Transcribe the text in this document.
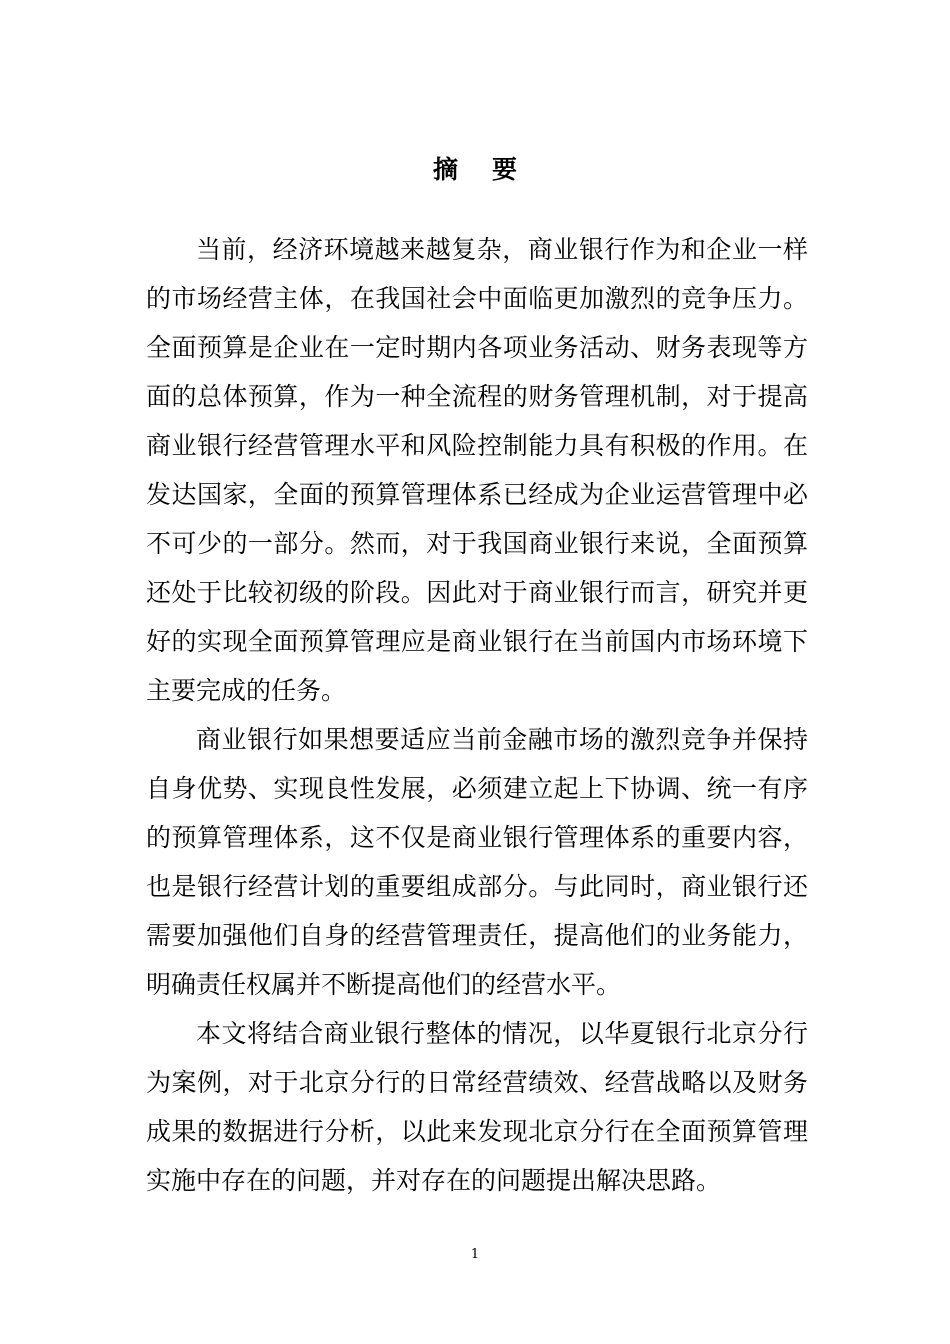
摘要

当前，经济环境越来越复杂，商业银行作为和企业一样的市场经营主体，在我国社会中面临更加激烈的竞争压力。全面预算是企业在一定时期内各项业务活动、财务表现等方面的总体预算，作为一种全流程的财务管理机制，对于提高商业银行经营管理水平和风险控制能力具有积极的作用。在发达国家，全面的预算管理体系已经成为企业运营管理中必不可少的一部分。然而，对于我国商业银行来说，全面预算还处于比较初级的阶段。因此对于商业银行而言，研究并更好的实现全面预算管理应是商业银行在当前国内市场环境下主要完成的任务。

商业银行如果想要适应当前金融市场的激烈竞争并保持自身优势、实现良性发展，必须建立起上下协调、统一有序的预算管理体系，这不仅是商业银行管理体系的重要内容，也是银行经营计划的重要组成部分。与此同时，商业银行还需要加强他们自身的经营管理责任，提高他们的业务能力，明确责任权属并不断提高他们的经营水平。

本文将结合商业银行整体的情况，以华夏银行北京分行为案例，对于北京分行的日常经营绩效、经营战略以及财务成果的数据进行分析，以此来发现北京分行在全面预算管理实施中存在的问题，并对存在的问题提出解决思路。

1
